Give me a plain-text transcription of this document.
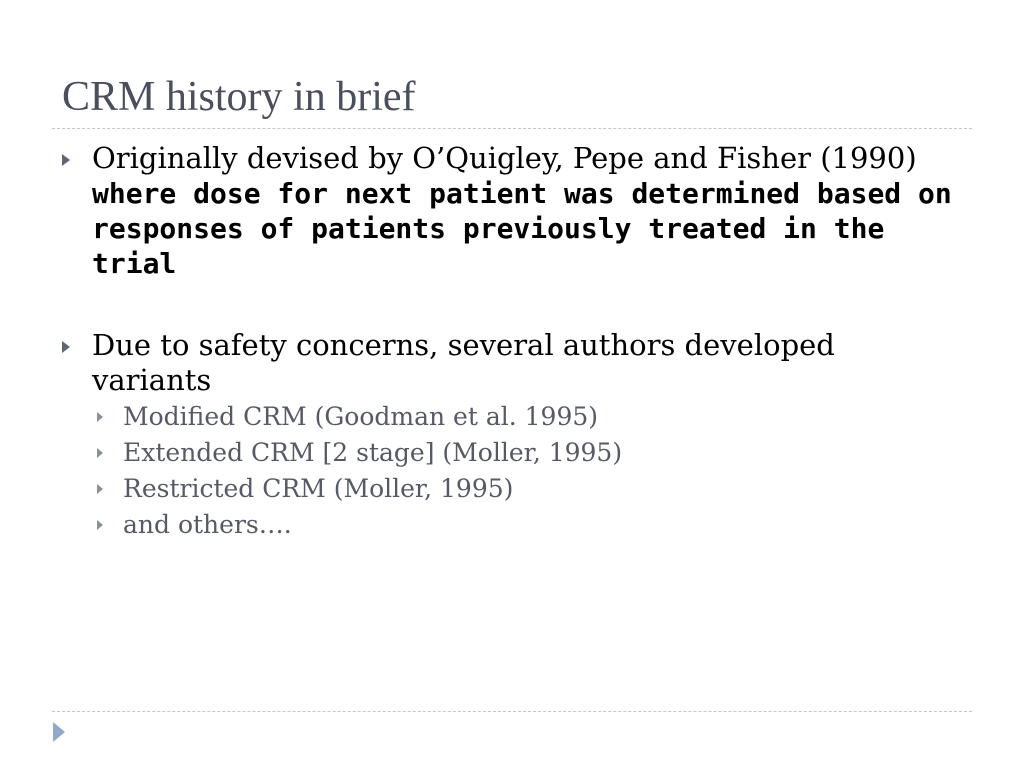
CRM history in brief
Originally devised by O’Quigley, Pepe and Fisher (1990) where dose for next patient was determined based on responses of patients previously treated in the trial
Due to safety concerns, several authors developed variants
Modified CRM (Goodman et al. 1995)
Extended CRM [2 stage] (Moller, 1995)
Restricted CRM (Moller, 1995)
and others….
